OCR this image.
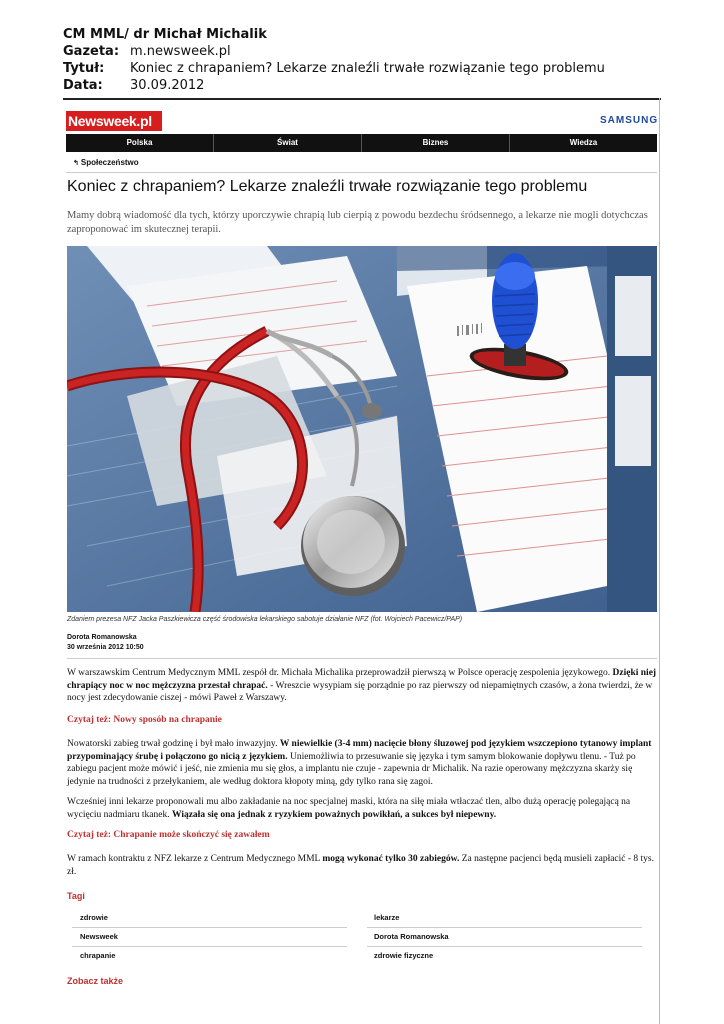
CM MML/ dr Michał Michalik
Gazeta: m.newsweek.pl
Tytuł:	Koniec z chrapaniem? Lekarze znaleźli trwałe rozwiązanie tego problemu
Data:	30.09.2012
Newsweek.pl	SAMSUNG
Polska	Świat	Biznes	Wiedza
↰ Społeczeństwo
Koniec z chrapaniem? Lekarze znaleźli trwałe rozwiązanie tego problemu

Mamy dobrą wiadomość dla tych, którzy uporczywie chrapią lub cierpią z powodu bezdechu śródsennego, a lekarze nie mogli dotychczas zaproponować im skutecznej terapii.

Zdaniem prezesa NFZ Jacka Paszkiewicza część środowiska lekarskiego sabotuje działanie NFZ (fot. Wojciech Pacewicz/PAP)
Dorota Romanowska
30 września 2012 10:50

W warszawskim Centrum Medycznym MML zespół dr. Michała Michalika przeprowadził pierwszą w Polsce operację zespolenia językowego. Dzięki niej chrapiący noc w noc mężczyzna przestał chrapać. - Wreszcie wysypiam się porządnie po raz pierwszy od niepamiętnych czasów, a żona twierdzi, że w nocy jest zdecydowanie ciszej - mówi Paweł z Warszawy.

Czytaj też: Nowy sposób na chrapanie

Nowatorski zabieg trwał godzinę i był mało inwazyjny. W niewielkie (3-4 mm) nacięcie błony śluzowej pod językiem wszczepiono tytanowy implant przypominający śrubę i połączono go nicią z językiem. Uniemożliwia to przesuwanie się języka i tym samym blokowanie dopływu tlenu. - Tuż po zabiegu pacjent może mówić i jeść, nie zmienia mu się głos, a implantu nie czuje - zapewnia dr Michalik. Na razie operowany mężczyzna skarży się jedynie na trudności z przełykaniem, ale według doktora kłopoty miną, gdy tylko rana się zagoi.

Wcześniej inni lekarze proponowali mu albo zakładanie na noc specjalnej maski, która na siłę miała wtłaczać tlen, albo dużą operację polegającą na wycięciu nadmiaru tkanek. Wiązała się ona jednak z ryzykiem poważnych powikłań, a sukces był niepewny.

Czytaj też: Chrapanie może skończyć się zawałem

W ramach kontraktu z NFZ lekarze z Centrum Medycznego MML mogą wykonać tylko 30 zabiegów. Za następne pacjenci będą musieli zapłacić - 8 tys. zł.

Tagi
zdrowie	lekarze
Newsweek	Dorota Romanowska
chrapanie	zdrowie fizyczne
Zobacz także
